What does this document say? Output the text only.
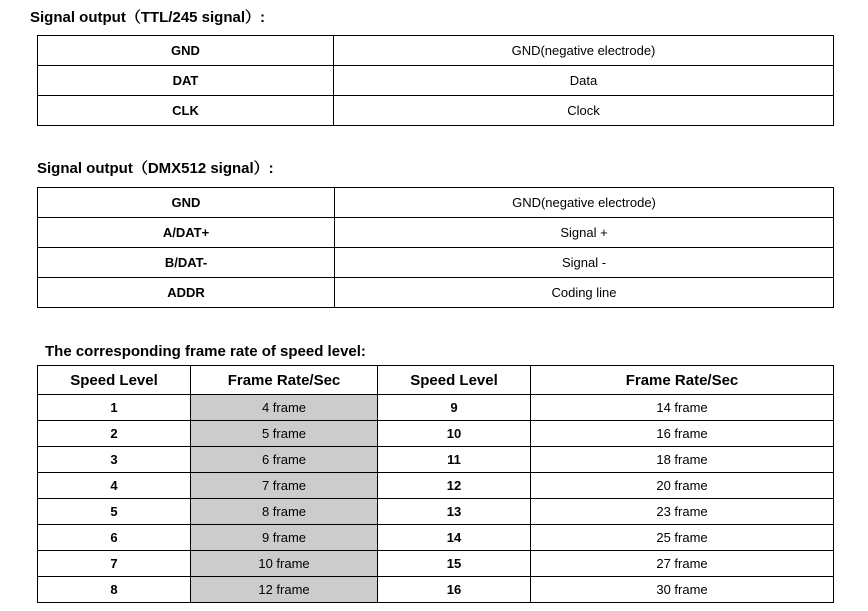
Signal output（TTL/245 signal）:
GND	GND(negative electrode)
DAT	Data
CLK	Clock
Signal output（DMX512 signal）:
GND	GND(negative electrode)
A/DAT+	Signal +
B/DAT-	Signal -
ADDR	Coding line
The corresponding frame rate of speed level:
Speed Level	Frame Rate/Sec	Speed Level	Frame Rate/Sec
1	4 frame	9	14 frame
2	5 frame	10	16 frame
3	6 frame	11	18 frame
4	7 frame	12	20 frame
5	8 frame	13	23 frame
6	9 frame	14	25 frame
7	10 frame	15	27 frame
8	12 frame	16	30 frame
